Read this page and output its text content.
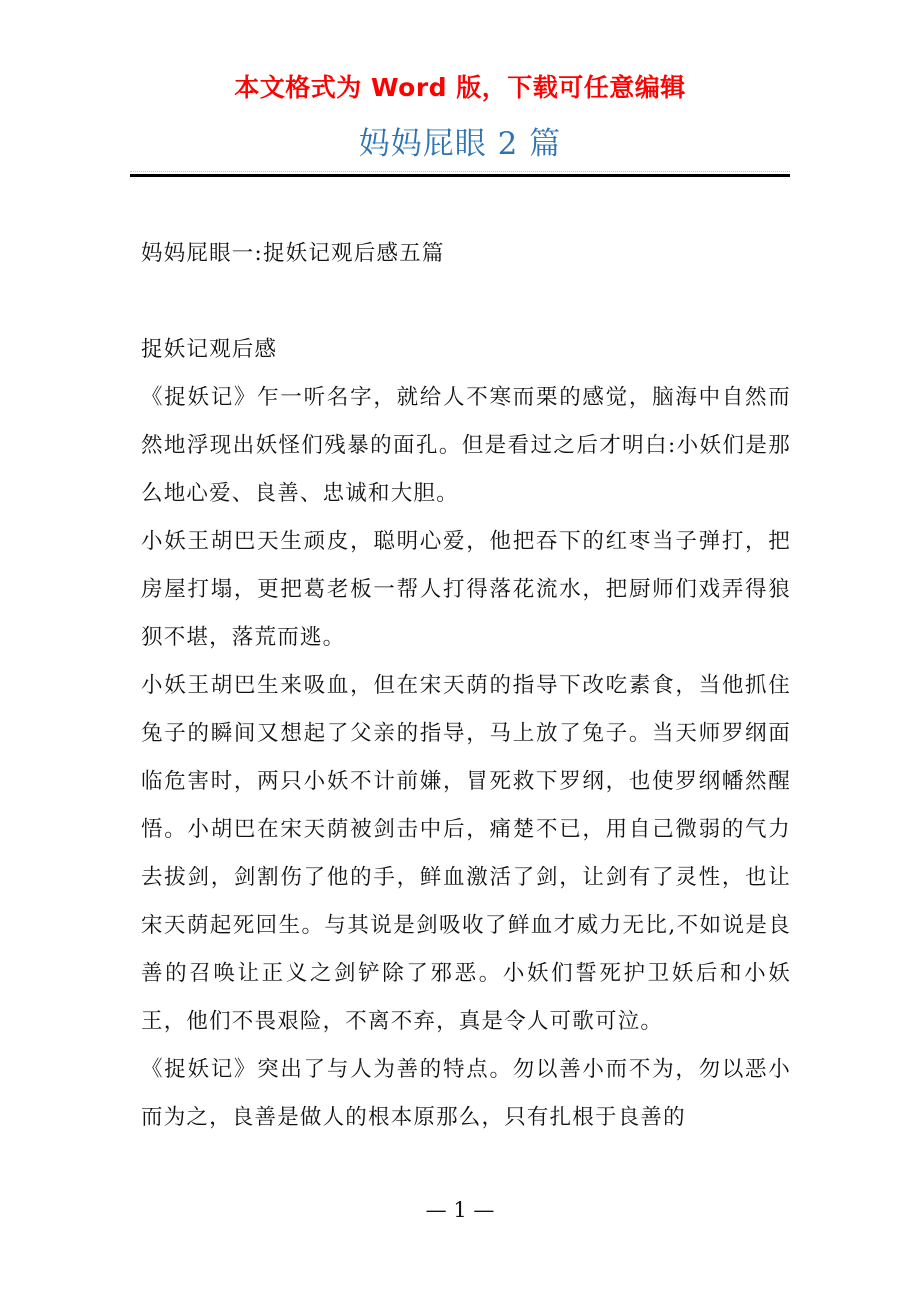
本文格式为 Word 版，下载可任意编辑
妈妈屁眼 2 篇

妈妈屁眼一:捉妖记观后感五篇

捉妖记观后感

《捉妖记》乍一听名字，就给人不寒而栗的感觉，脑海中自然而然地浮现出妖怪们残暴的面孔。但是看过之后才明白:小妖们是那么地心爱、良善、忠诚和大胆。

小妖王胡巴天生顽皮，聪明心爱，他把吞下的红枣当子弹打，把房屋打塌，更把葛老板一帮人打得落花流水，把厨师们戏弄得狼狈不堪，落荒而逃。

小妖王胡巴生来吸血，但在宋天荫的指导下改吃素食，当他抓住兔子的瞬间又想起了父亲的指导，马上放了兔子。当天师罗纲面临危害时，两只小妖不计前嫌，冒死救下罗纲，也使罗纲幡然醒悟。小胡巴在宋天荫被剑击中后，痛楚不已，用自己微弱的气力去拔剑，剑割伤了他的手，鲜血激活了剑，让剑有了灵性，也让宋天荫起死回生。与其说是剑吸收了鲜血才威力无比,不如说是良善的召唤让正义之剑铲除了邪恶。小妖们誓死护卫妖后和小妖王，他们不畏艰险，不离不弃，真是令人可歌可泣。

《捉妖记》突出了与人为善的特点。勿以善小而不为，勿以恶小而为之，良善是做人的根本原那么，只有扎根于良善的

— 1 —
